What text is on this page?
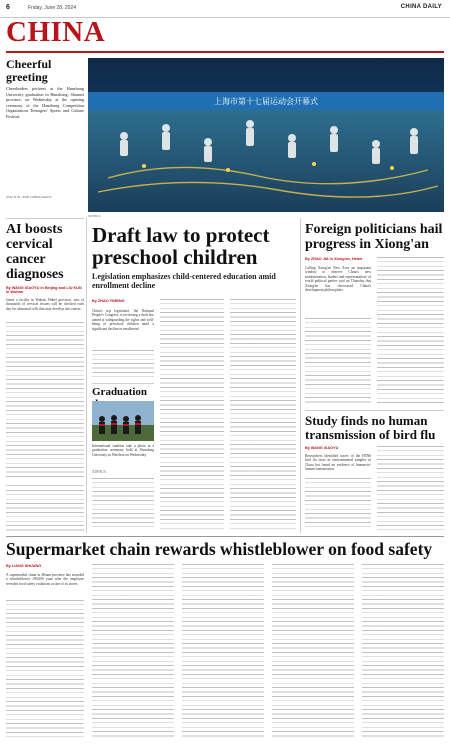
6	Friday, June 28, 2024	CHINA DAILY
CHINA
Cheerful greeting
Cheerleaders perform at the Hanzhong University graduation in Hanzhong, Shaanxi province, on Wednesday at the opening ceremony of the Hanzhong Competition Organization Teenagers' Sports and Culture Festival.
ZOU JUN / FOR CHINA DAILY
上海市第十七届运动会开幕式
XINHUA
AI boosts cervical cancer diagnoses
By WANG XIAOYU in Beijing and LIU KUN in Wuhan
Jamie a facility in Wuhan, Hubei province, tens of thousands of cervical tissues will be checked each day for abnormal cells that may develop into cancer.
Draft law to protect preschool children
Legislation emphasizes child-centered education amid enrollment decline
By ZHAO YIMENG
China's top legislature, the National People's Congress, is reviewing a draft law aimed at safeguarding the rights and well-being of preschool children amid a significant decline in enrollment.
Graduation
International students take a photo at a graduation ceremony held at Shandong University in Weizhou on Wednesday.
XINHUA
Foreign politicians hail progress in Xiong'an
By ZHAO JIA in Xiong'an, Hebei
Calling Xiong'an New Area an important window to observe China's new modernization, leaders and representatives of world political parties said on Thursday that Xiong'an has showcased China's development philosophies.
Study finds no human transmission of bird flu
By WANG XIAOYU
Researchers identified traces of the H5N6 bird flu virus in environmental samples in China but found no evidence of human-to-human transmission.
Supermarket chain rewards whistleblower on food safety
By LIANG SHUANG
A supermarket chain in Henan province has awarded a whistleblower 100,000 yuan after the employee revealed food safety violations at one of its stores.
